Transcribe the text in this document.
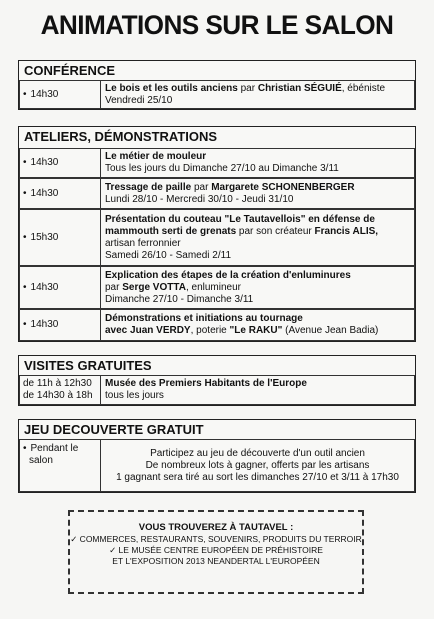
ANIMATIONS SUR LE SALON
CONFÉRENCE
• 14h30
Le bois et les outils anciens par Christian SÉGUIÉ, ébéniste
Vendredi 25/10
ATELIERS, DÉMONSTRATIONS
• 14h30
Le métier de mouleur
Tous les jours du Dimanche 27/10 au Dimanche 3/11
• 14h30
Tressage de paille par Margarete SCHONENBERGER
Lundi 28/10 - Mercredi 30/10 - Jeudi 31/10
• 15h30
Présentation du couteau "Le Tautavellois" en défense de
mammouth serti de grenats par son créateur Francis ALIS,
artisan ferronnier
Samedi 26/10 - Samedi 2/11
• 14h30
Explication des étapes de la création d'enluminures
par Serge VOTTA, enlumineur
Dimanche 27/10 - Dimanche 3/11
• 14h30
Démonstrations et initiations au tournage
avec Juan VERDY, poterie "Le RAKU" (Avenue Jean Badia)
VISITES GRATUITES
de 11h à 12h30
de 14h30 à 18h
Musée des Premiers Habitants de l'Europe
tous les jours
JEU DECOUVERTE GRATUIT
• Pendant le
salon
Participez au jeu de découverte d'un outil ancien
De nombreux lots à gagner, offerts par les artisans
1 gagnant sera tiré au sort les dimanches 27/10 et 3/11 à 17h30
VOUS TROUVEREZ À TAUTAVEL :
✓ COMMERCES, RESTAURANTS, SOUVENIRS, PRODUITS DU TERROIR
✓ LE MUSÉE CENTRE EUROPÉEN DE PRÉHISTOIRE
ET L'EXPOSITION 2013 NEANDERTAL L'EUROPÉEN
